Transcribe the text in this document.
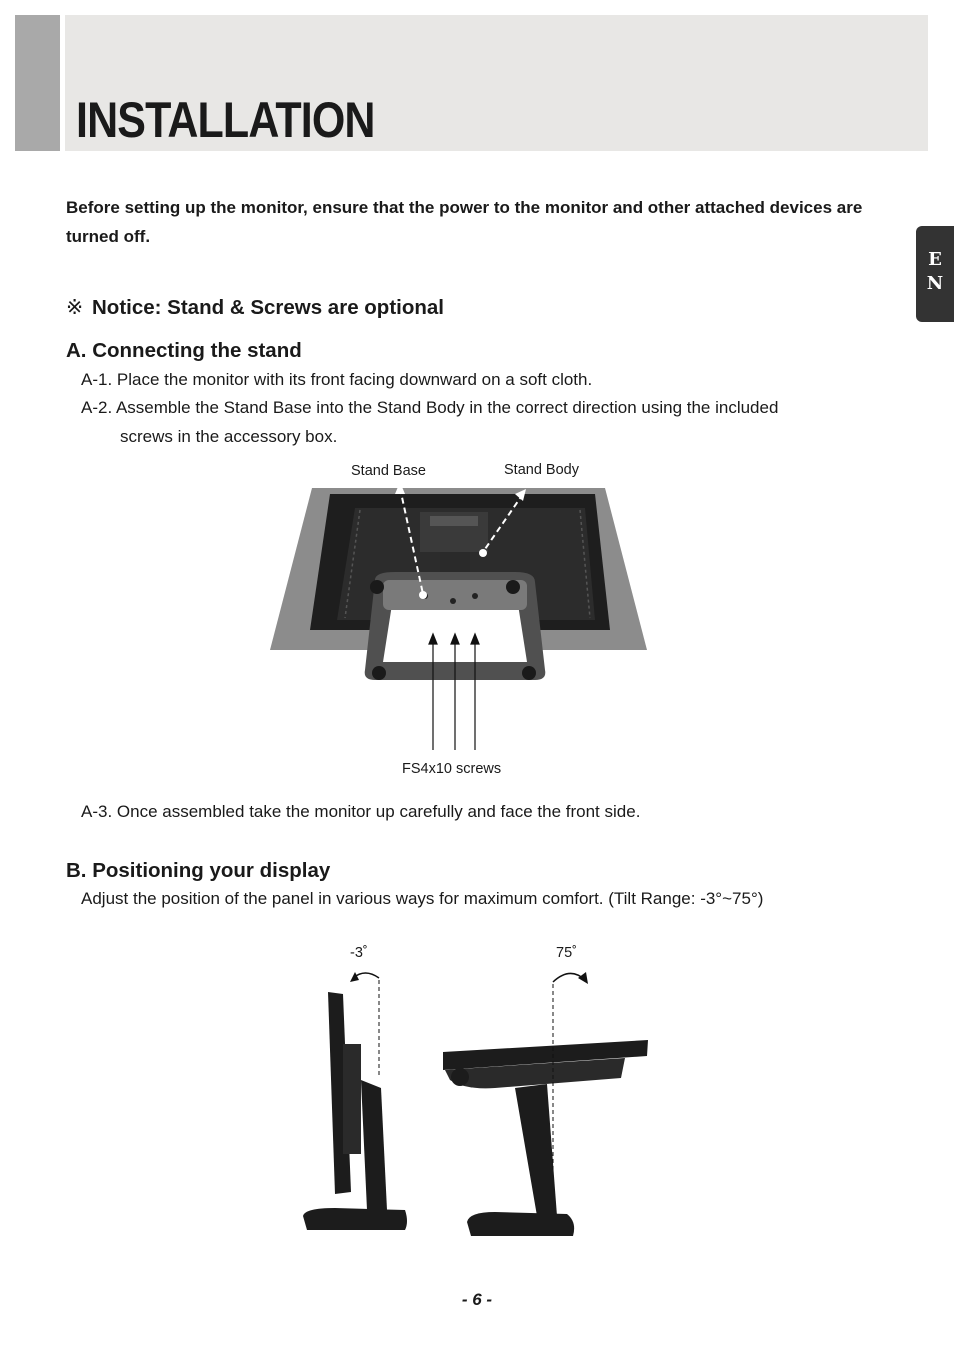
INSTALLATION
E
N

Before setting up the monitor, ensure that the power to the monitor and other attached devices are turned off.

※ Notice: Stand & Screws are optional

A. Connecting the stand

A-1. Place the monitor with its front facing downward on a soft cloth.

A-2. Assemble the Stand Base into the Stand Body in the correct direction using the included
screws in the accessory box.

Stand Base	Stand Body
FS4x10 screws

A-3. Once assembled take the monitor up carefully and face the front side.

B. Positioning your display

Adjust the position of the panel in various ways for maximum comfort. (Tilt Range: -3°~75°)

-3˚	75˚
- 6 -
